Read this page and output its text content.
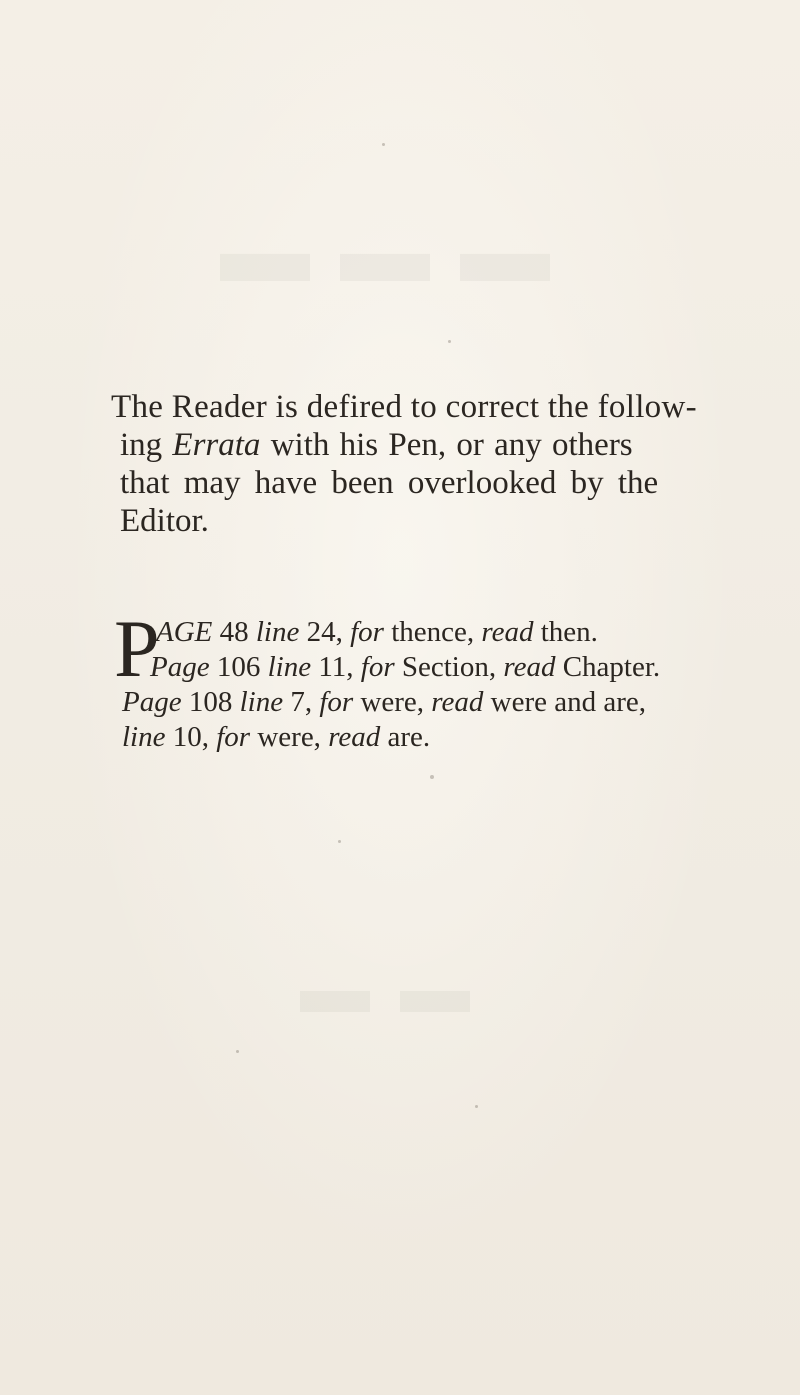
▬▬▬
▬▬

The Reader is defired to correct the follow-
ing Errata with his Pen, or any others
that may have been overlooked by the
Editor.

P
AGE 48 line 24, for thence, read then.
Page 106 line 11, for Section, read Chapter.
Page 108 line 7, for were, read were and are,
line 10, for were, read are.
